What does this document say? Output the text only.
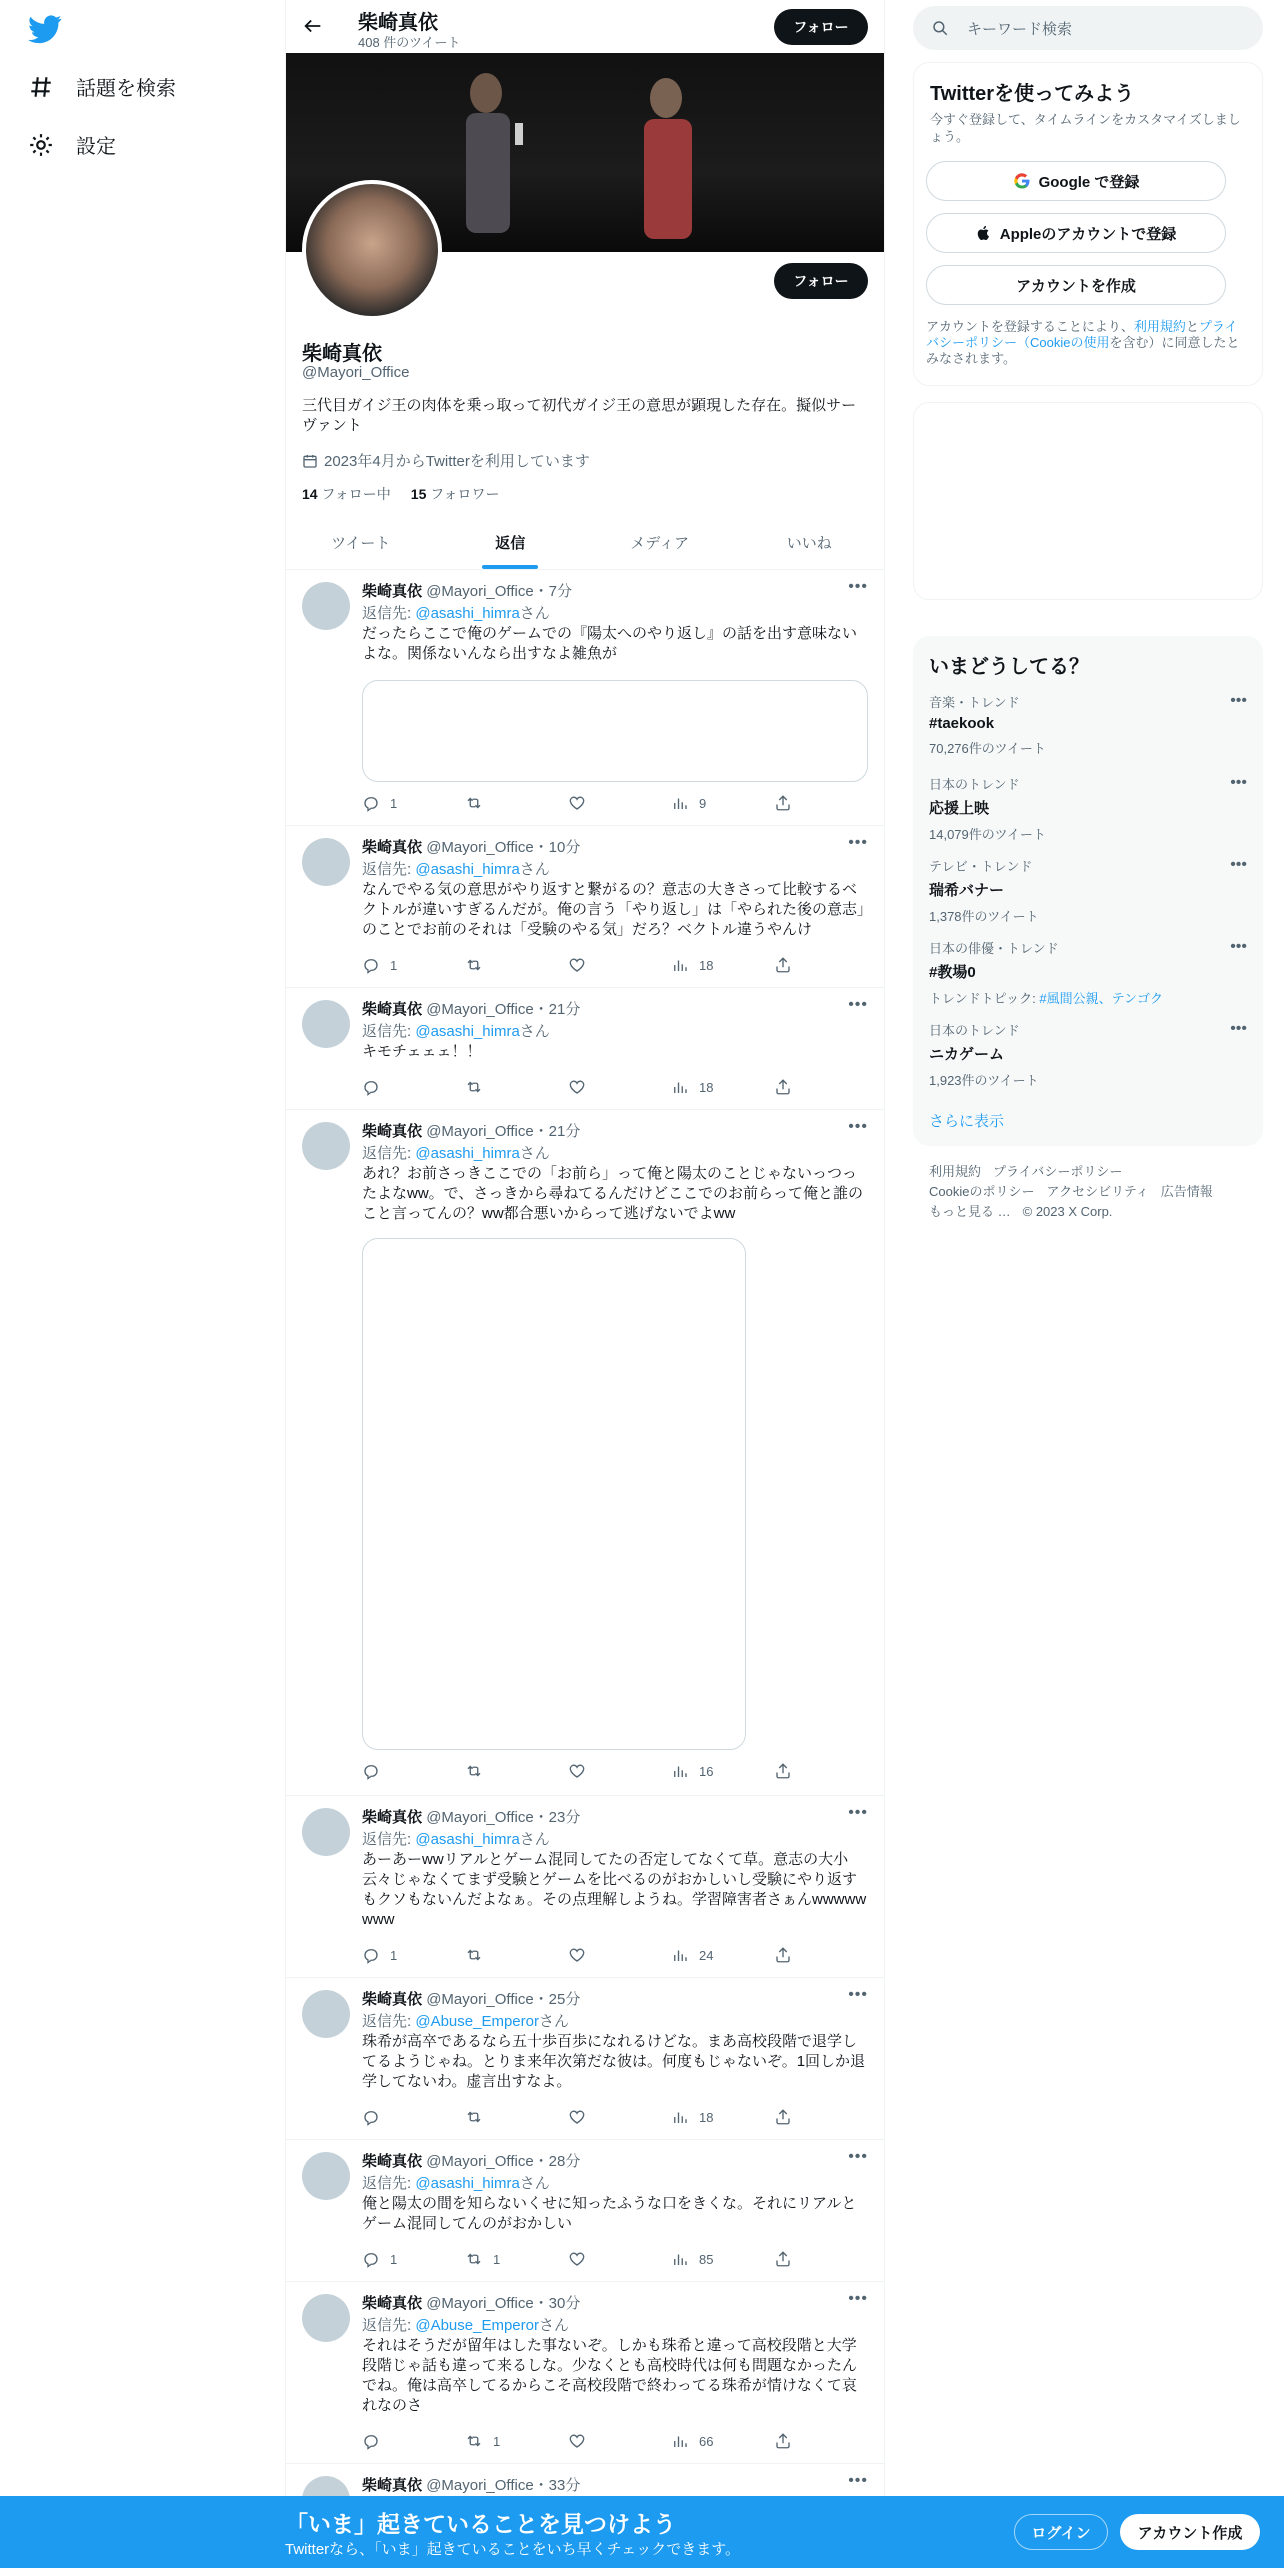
話題を検索
設定
柴崎真依
408 件のツイート
フォロー
フォロー
柴崎真依
@Mayori_Office
三代目ガイジ王の肉体を乗っ取って初代ガイジ王の意思が顕現した存在。擬似サーヴァント
2023年4月からTwitterを利用しています
14 フォロー中 15 フォロワー
ツイート	返信	メディア	いいね
柴崎真依 @Mayori_Office・7分	•••
返信先: @asashi_himraさん
だったらここで俺のゲームでの『陽太へのやり返し』の話を出す意味ないよな。関係ないんなら出すなよ雑魚が
1	9
柴崎真依 @Mayori_Office・10分	•••
返信先: @asashi_himraさん
なんでやる気の意思がやり返すと繋がるの？意志の大きさって比較するベクトルが違いすぎるんだが。俺の言う「やり返し」は「やられた後の意志」のことでお前のそれは「受験のやる気」だろ？ベクトル違うやんけ
1	18
柴崎真依 @Mayori_Office・21分	•••
返信先: @asashi_himraさん
キモチェェェ！！
18
柴崎真依 @Mayori_Office・21分	•••
返信先: @asashi_himraさん
あれ？お前さっきここでの「お前ら」って俺と陽太のことじゃないっつったよなww。で、さっきから尋ねてるんだけどここでのお前らって俺と誰のこと言ってんの？ww都合悪いからって逃げないでよww
16
柴崎真依 @Mayori_Office・23分	•••
返信先: @asashi_himraさん
あーあーwwリアルとゲーム混同してたの否定してなくて草。意志の大小云々じゃなくてまず受験とゲームを比べるのがおかしいし受験にやり返すもクソもないんだよなぁ。その点理解しようね。学習障害者さぁんwwwwwwww
1	24
柴崎真依 @Mayori_Office・25分	•••
返信先: @Abuse_Emperorさん
珠希が高卒であるなら五十歩百歩になれるけどな。まあ高校段階で退学してるようじゃね。とりま来年次第だな彼は。何度もじゃないぞ。1回しか退学してないわ。虚言出すなよ。
18
柴崎真依 @Mayori_Office・28分	•••
返信先: @asashi_himraさん
俺と陽太の間を知らないくせに知ったふうな口をきくな。それにリアルとゲーム混同してんのがおかしい
1	1	85
柴崎真依 @Mayori_Office・30分	•••
返信先: @Abuse_Emperorさん
それはそうだが留年はした事ないぞ。しかも珠希と違って高校段階と大学段階じゃ話も違って来るしな。少なくとも高校時代は何も問題なかったんでね。俺は高卒してるからこそ高校段階で終わってる珠希が情けなくて哀れなのさ
1	66
柴崎真依 @Mayori_Office・33分	•••
キーワード検索
Twitterを使ってみよう
今すぐ登録して、タイムラインをカスタマイズしましょう。
Google で登録
Appleのアカウントで登録
アカウントを作成
アカウントを登録することにより、利用規約とプライバシーポリシー（Cookieの使用を含む）に同意したとみなされます。
いまどうしてる？
音楽・トレンド
#taekook
70,276件のツイート
•••
日本のトレンド
応援上映
14,079件のツイート
•••
テレビ・トレンド
瑞希バナー
1,378件のツイート
•••
日本の俳優・トレンド
#教場0
トレンドトピック: #風間公親、テンゴク
•••
日本のトレンド
ニカゲーム
1,923件のツイート
•••
さらに表示
利用規約 プライバシーポリシー
Cookieのポリシー アクセシビリティ 広告情報
もっと見る … © 2023 X Corp.
「いま」起きていることを見つけよう
Twitterなら、「いま」起きていることをいち早くチェックできます。
ログイン	アカウント作成
